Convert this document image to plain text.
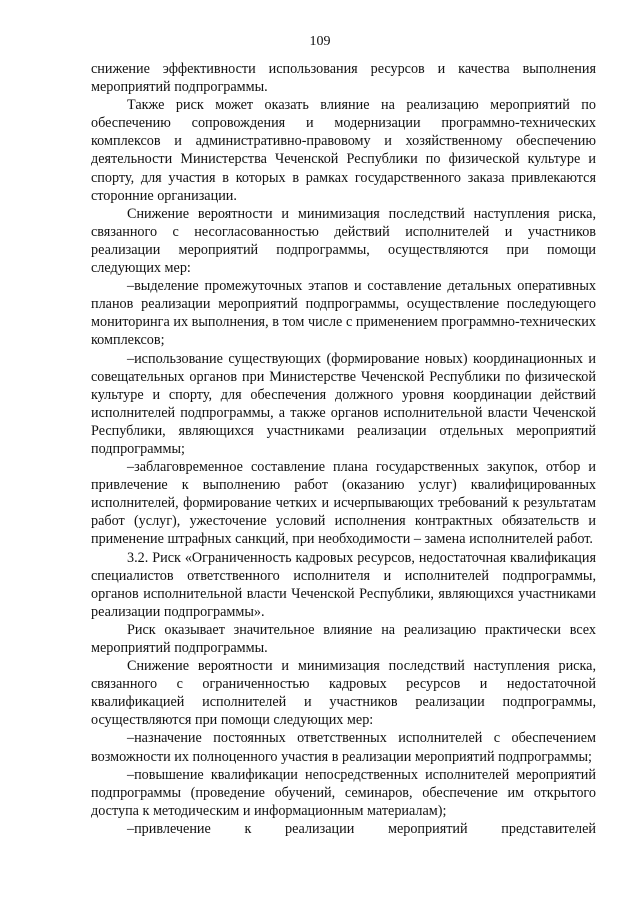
109

снижение эффективности использования ресурсов и качества выполнения мероприятий подпрограммы.

Также риск может оказать влияние на реализацию мероприятий по обеспечению сопровождения и модернизации программно-технических комплексов и административно-правовому и хозяйственному обеспечению деятельности Министерства Чеченской Республики по физической культуре и спорту, для участия в которых в рамках государственного заказа привлекаются сторонние организации.

Снижение вероятности и минимизация последствий наступления риска, связанного с несогласованностью действий исполнителей и участников реализации мероприятий подпрограммы, осуществляются при помощи следующих мер:

–выделение промежуточных этапов и составление детальных оперативных планов реализации мероприятий подпрограммы, осуществление последующего мониторинга их выполнения, в том числе с применением программно-технических комплексов;

–использование существующих (формирование новых) координационных и совещательных органов при Министерстве Чеченской Республики по физической культуре и спорту, для обеспечения должного уровня координации действий исполнителей подпрограммы, а также органов исполнительной власти Чеченской Республики, являющихся участниками реализации отдельных мероприятий подпрограммы;

–заблаговременное составление плана государственных закупок, отбор и привлечение к выполнению работ (оказанию услуг) квалифицированных исполнителей, формирование четких и исчерпывающих требований к результатам работ (услуг), ужесточение условий исполнения контрактных обязательств и применение штрафных санкций, при необходимости – замена исполнителей работ.

3.2. Риск «Ограниченность кадровых ресурсов, недостаточная квалификация специалистов ответственного исполнителя и исполнителей подпрограммы, органов исполнительной власти Чеченской Республики, являющихся участниками реализации подпрограммы».

Риск оказывает значительное влияние на реализацию практически всех мероприятий подпрограммы.

Снижение вероятности и минимизация последствий наступления риска, связанного с ограниченностью кадровых ресурсов и недостаточной квалификацией исполнителей и участников реализации подпрограммы, осуществляются при помощи следующих мер:

–назначение постоянных ответственных исполнителей с обеспечением возможности их полноценного участия в реализации мероприятий подпрограммы;

–повышение квалификации непосредственных исполнителей мероприятий подпрограммы (проведение обучений, семинаров, обеспечение им открытого доступа к методическим и информационным материалам);

–привлечение к реализации мероприятий представителей
